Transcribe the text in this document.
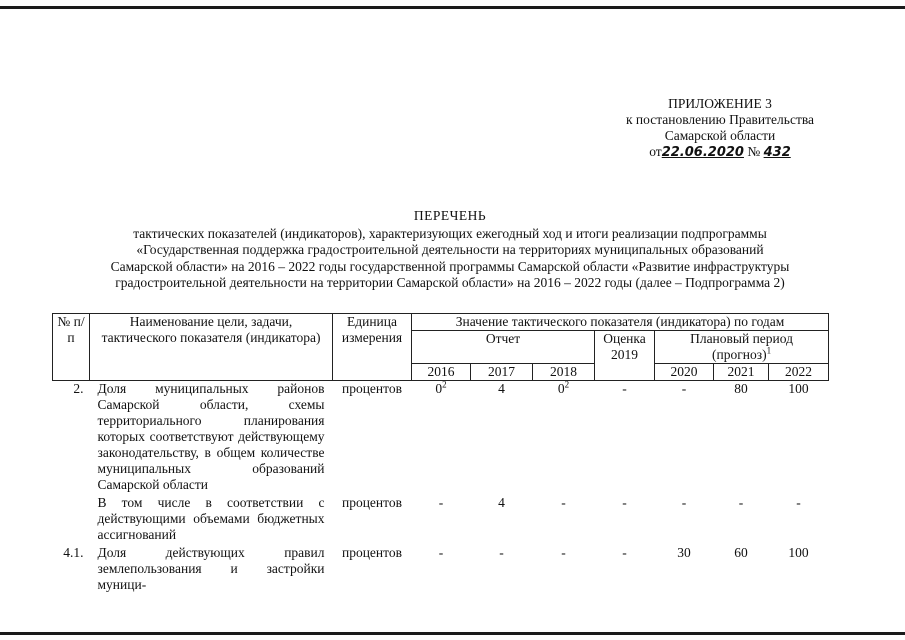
ПРИЛОЖЕНИЕ 3
к постановлению Правительства
Самарской области
от22.06.2020 № 432
ПЕРЕЧЕНЬ
тактических показателей (индикаторов), характеризующих ежегодный ход и итоги реализации подпрограммы
«Государственная поддержка градостроительной деятельности на территориях муниципальных образований
Самарской области» на 2016 – 2022 годы государственной программы Самарской области «Развитие инфраструктуры
градостроительной деятельности на территории Самарской области» на 2016 – 2022 годы (далее – Подпрограмма 2)
№ п/п	Наименование цели, задачи, тактического показателя (индикатора)	Единица измерения	Значение тактического показателя (индикатора) по годам						
			Отчет			Оценка 2019	Плановый период (прогноз)$^1$
			2016	2017	2018		2020	2021	2022
2.	Доля муниципальных районов Самарской области, схемы территориального планирования которых соответствуют действующему законодательству, в общем количестве муниципальных образований Самарской области	процентов	$0^2$	4	$0^2$	-	-	80	100
	В том числе в соответствии с действующими объемами бюджетных ассигнований	процентов	-	4	-	-	-	-	-
4.1.	Доля действующих правил землепользования и застройки муници-	процентов	-	-	-	-	30	60	100
